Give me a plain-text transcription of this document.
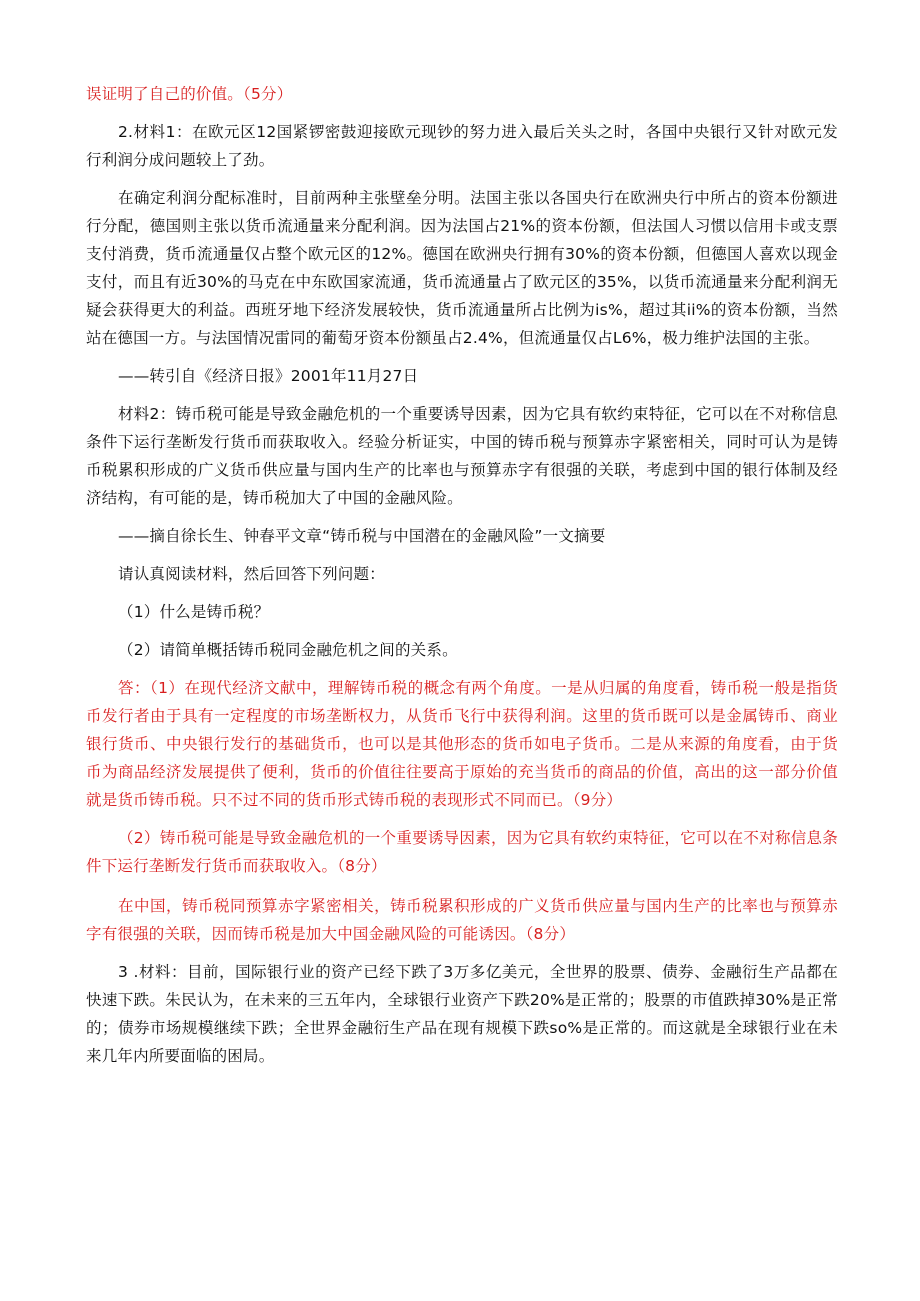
误证明了自己的价值。（5分）

2.材料1：在欧元区12国紧锣密鼓迎接欧元现钞的努力进入最后关头之时，各国中央银行又针对欧元发行利润分成问题较上了劲。

在确定利润分配标准时，目前两种主张壁垒分明。法国主张以各国央行在欧洲央行中所占的资本份额进行分配，德国则主张以货币流通量来分配利润。因为法国占21%的资本份额，但法国人习惯以信用卡或支票支付消费，货币流通量仅占整个欧元区的12%。德国在欧洲央行拥有30%的资本份额，但德国人喜欢以现金支付，而且有近30%的马克在中东欧国家流通，货币流通量占了欧元区的35%，以货币流通量来分配利润无疑会获得更大的利益。西班牙地下经济发展较快，货币流通量所占比例为is%，超过其ii%的资本份额，当然站在德国一方。与法国情况雷同的葡萄牙资本份额虽占2.4%，但流通量仅占L6%，极力维护法国的主张。

——转引自《经济日报》2001年11月27日

材料2：铸币税可能是导致金融危机的一个重要诱导因素，因为它具有软约束特征，它可以在不对称信息条件下运行垄断发行货币而获取收入。经验分析证实，中国的铸币税与预算赤字紧密相关，同时可认为是铸币税累积形成的广义货币供应量与国内生产的比率也与预算赤字有很强的关联，考虑到中国的银行体制及经济结构，有可能的是，铸币税加大了中国的金融风险。

——摘自徐长生、钟春平文章“铸币税与中国潜在的金融风险”一文摘要

请认真阅读材料，然后回答下列问题：

（1）什么是铸币税？

（2）请简单概括铸币税同金融危机之间的关系。

答：（1）在现代经济文献中，理解铸币税的概念有两个角度。一是从归属的角度看，铸币税一般是指货币发行者由于具有一定程度的市场垄断权力，从货币飞行中获得利润。这里的货币既可以是金属铸币、商业银行货币、中央银行发行的基础货币，也可以是其他形态的货币如电子货币。二是从来源的角度看，由于货币为商品经济发展提供了便利，货币的价值往往要高于原始的充当货币的商品的价值，高出的这一部分价值就是货币铸币税。只不过不同的货币形式铸币税的表现形式不同而已。（9分）

（2）铸币税可能是导致金融危机的一个重要诱导因素，因为它具有软约束特征，它可以在不对称信息条件下运行垄断发行货币而获取收入。（8分）

在中国，铸币税同预算赤字紧密相关，铸币税累积形成的广义货币供应量与国内生产的比率也与预算赤字有很强的关联，因而铸币税是加大中国金融风险的可能诱因。（8分）

3 .材料：目前，国际银行业的资产已经下跌了3万多亿美元，全世界的股票、债券、金融衍生产品都在快速下跌。朱民认为，在未来的三五年内，全球银行业资产下跌20%是正常的；股票的市值跌掉30%是正常的；债券市场规模继续下跌；全世界金融衍生产品在现有规模下跌so%是正常的。而这就是全球银行业在未来几年内所要面临的困局。
